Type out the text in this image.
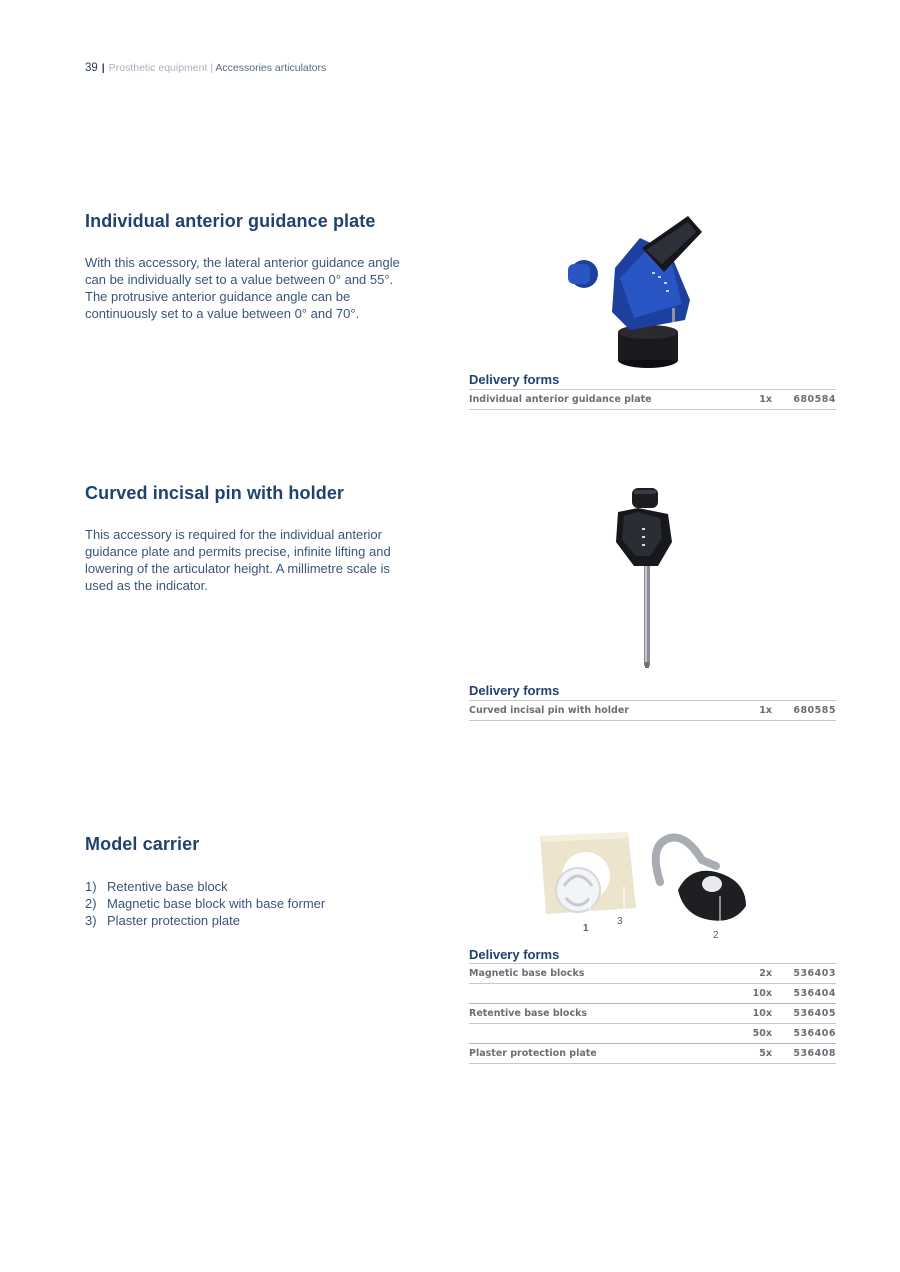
39 | Prosthetic equipment | Accessories articulators
Individual anterior guidance plate

With this accessory, the lateral anterior guidance angle
can be individually set to a value between 0° and 55°.
The protrusive anterior guidance angle can be
continuously set to a value between 0° and 70°.

Delivery forms
Individual anterior guidance plate	1x 680584
Curved incisal pin with holder

This accessory is required for the individual anterior
guidance plate and permits precise, infinite lifting and
lowering of the articulator height. A millimetre scale is
used as the indicator.

Delivery forms
Curved incisal pin with holder	1x 680585
Model carrier
1) Retentive base block
2) Magnetic base block with base former
3) Plaster protection plate
1
3
2
Delivery forms
Magnetic base blocks	2x 536403
10x 536404
Retentive base blocks	10x 536405
50x 536406
Plaster protection plate	5x 536408
